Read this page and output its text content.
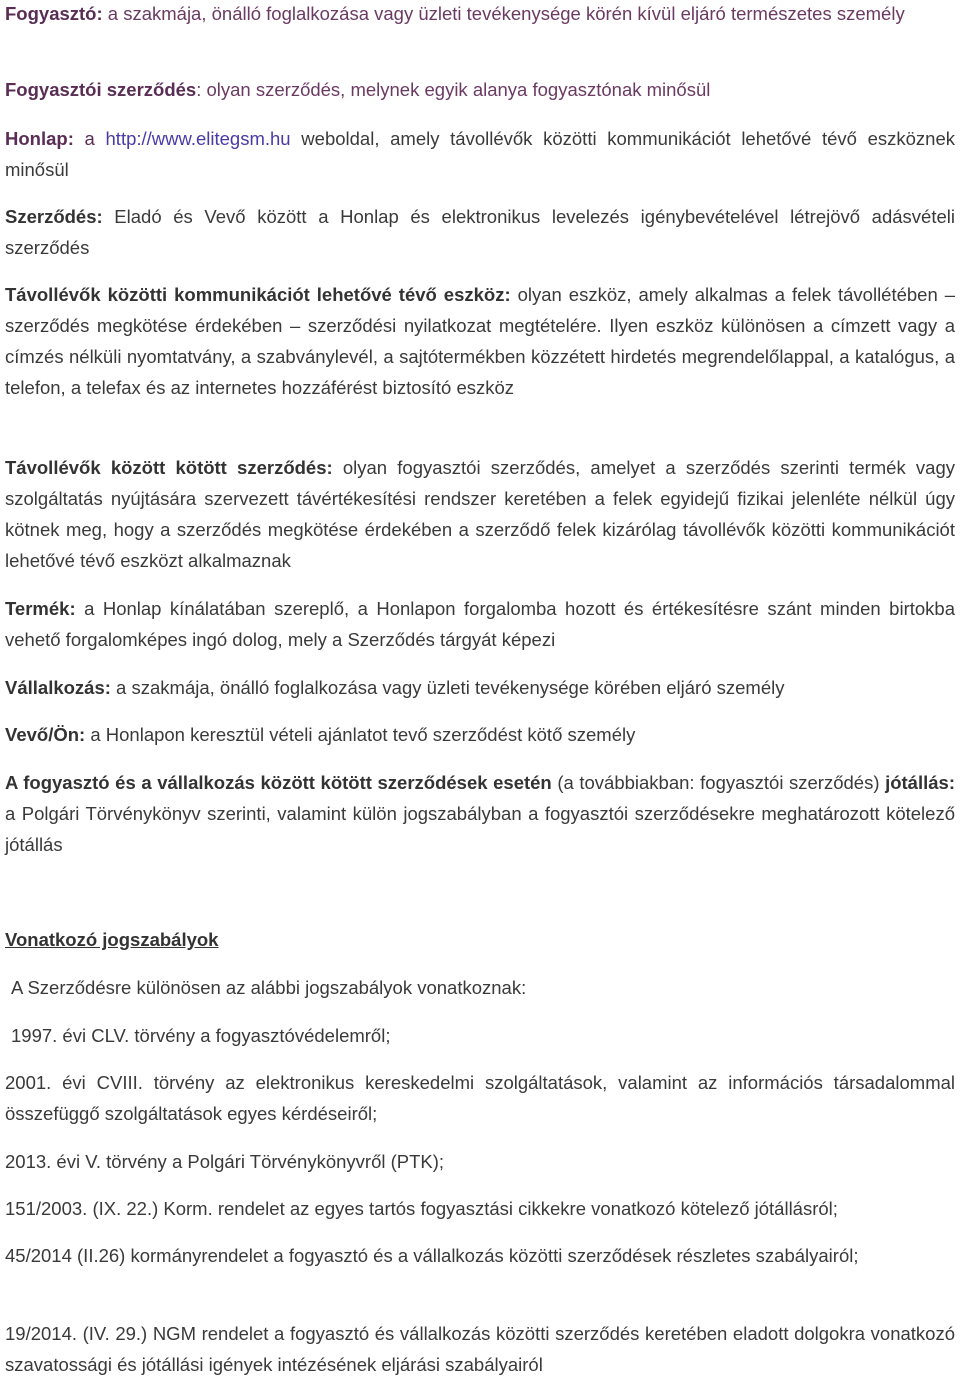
Fogyasztó: a szakmája, önálló foglalkozása vagy üzleti tevékenysége körén kívül eljáró természetes személy

Fogyasztói szerződés: olyan szerződés, melynek egyik alanya fogyasztónak minősül

Honlap: a http://www.elitegsm.hu weboldal, amely távollévők közötti kommunikációt lehetővé tévő eszköznek minősül

Szerződés: Eladó és Vevő között a Honlap és elektronikus levelezés igénybevételével létrejövő adásvételi szerződés

Távollévők közötti kommunikációt lehetővé tévő eszköz: olyan eszköz, amely alkalmas a felek távollétében – szerződés megkötése érdekében – szerződési nyilatkozat megtételére. Ilyen eszköz különösen a címzett vagy a címzés nélküli nyomtatvány, a szabványlevél, a sajtótermékben közzétett hirdetés megrendelőlappal, a katalógus, a telefon, a telefax és az internetes hozzáférést biztosító eszköz

Távollévők között kötött szerződés: olyan fogyasztói szerződés, amelyet a szerződés szerinti termék vagy szolgáltatás nyújtására szervezett távértékesítési rendszer keretében a felek egyidejű fizikai jelenléte nélkül úgy kötnek meg, hogy a szerződés megkötése érdekében a szerződő felek kizárólag távollévők közötti kommunikációt lehetővé tévő eszközt alkalmaznak

Termék: a Honlap kínálatában szereplő, a Honlapon forgalomba hozott és értékesítésre szánt minden birtokba vehető forgalomképes ingó dolog, mely a Szerződés tárgyát képezi

Vállalkozás: a szakmája, önálló foglalkozása vagy üzleti tevékenysége körében eljáró személy

Vevő/Ön: a Honlapon keresztül vételi ajánlatot tevő szerződést kötő személy

A fogyasztó és a vállalkozás között kötött szerződések esetén (a továbbiakban: fogyasztói szerződés) jótállás: a Polgári Törvénykönyv szerinti, valamint külön jogszabályban a fogyasztói szerződésekre meghatározott kötelező jótállás

Vonatkozó jogszabályok

A Szerződésre különösen az alábbi jogszabályok vonatkoznak:

1997. évi CLV. törvény a fogyasztóvédelemről;

2001. évi CVIII. törvény az elektronikus kereskedelmi szolgáltatások, valamint az információs társadalommal összefüggő szolgáltatások egyes kérdéseiről;

2013. évi V. törvény a Polgári Törvénykönyvről (PTK);

151/2003. (IX. 22.) Korm. rendelet az egyes tartós fogyasztási cikkekre vonatkozó kötelező jótállásról;

45/2014 (II.26) kormányrendelet a fogyasztó és a vállalkozás közötti szerződések részletes szabályairól;

19/2014. (IV. 29.) NGM rendelet a fogyasztó és vállalkozás közötti szerződés keretében eladott dolgokra vonatkozó szavatossági és jótállási igények intézésének eljárási szabályairól
